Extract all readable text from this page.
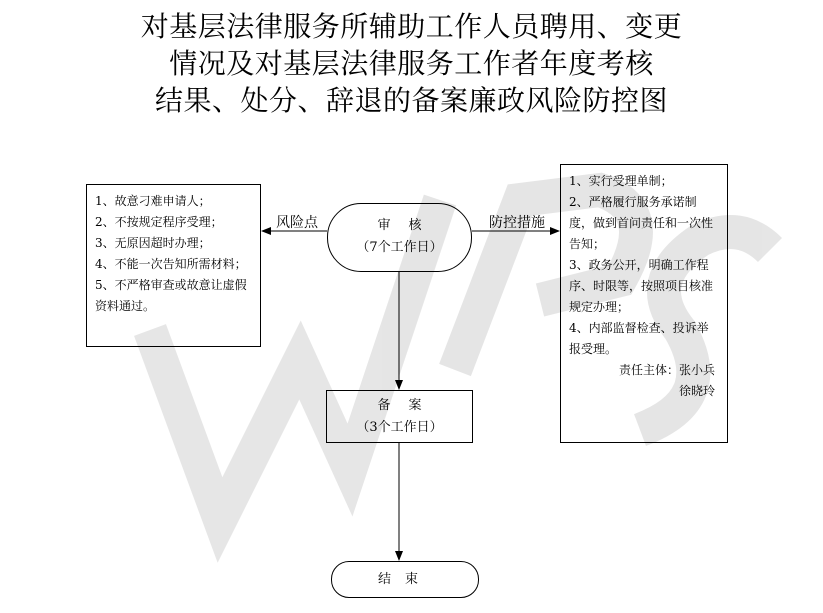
对基层法律服务所辅助工作人员聘用、变更
情况及对基层法律服务工作者年度考核
结果、处分、辞退的备案廉政风险防控图
风险点	防控措施
1、故意刁难申请人；
2、不按规定程序受理；
3、无原因超时办理；
4、不能一次告知所需材料；
5、不严格审查或故意让虚假资料通过。
1、实行受理单制；
2、严格履行服务承诺制度，做到首问责任和一次性告知；
3、政务公开，明确工作程序、时限等，按照项目核准规定办理；
4、内部监督检查、投诉举报受理。
责任主体：张小兵
徐晓玲
审核
（7个工作日）
备案
（3个工作日）
结束
